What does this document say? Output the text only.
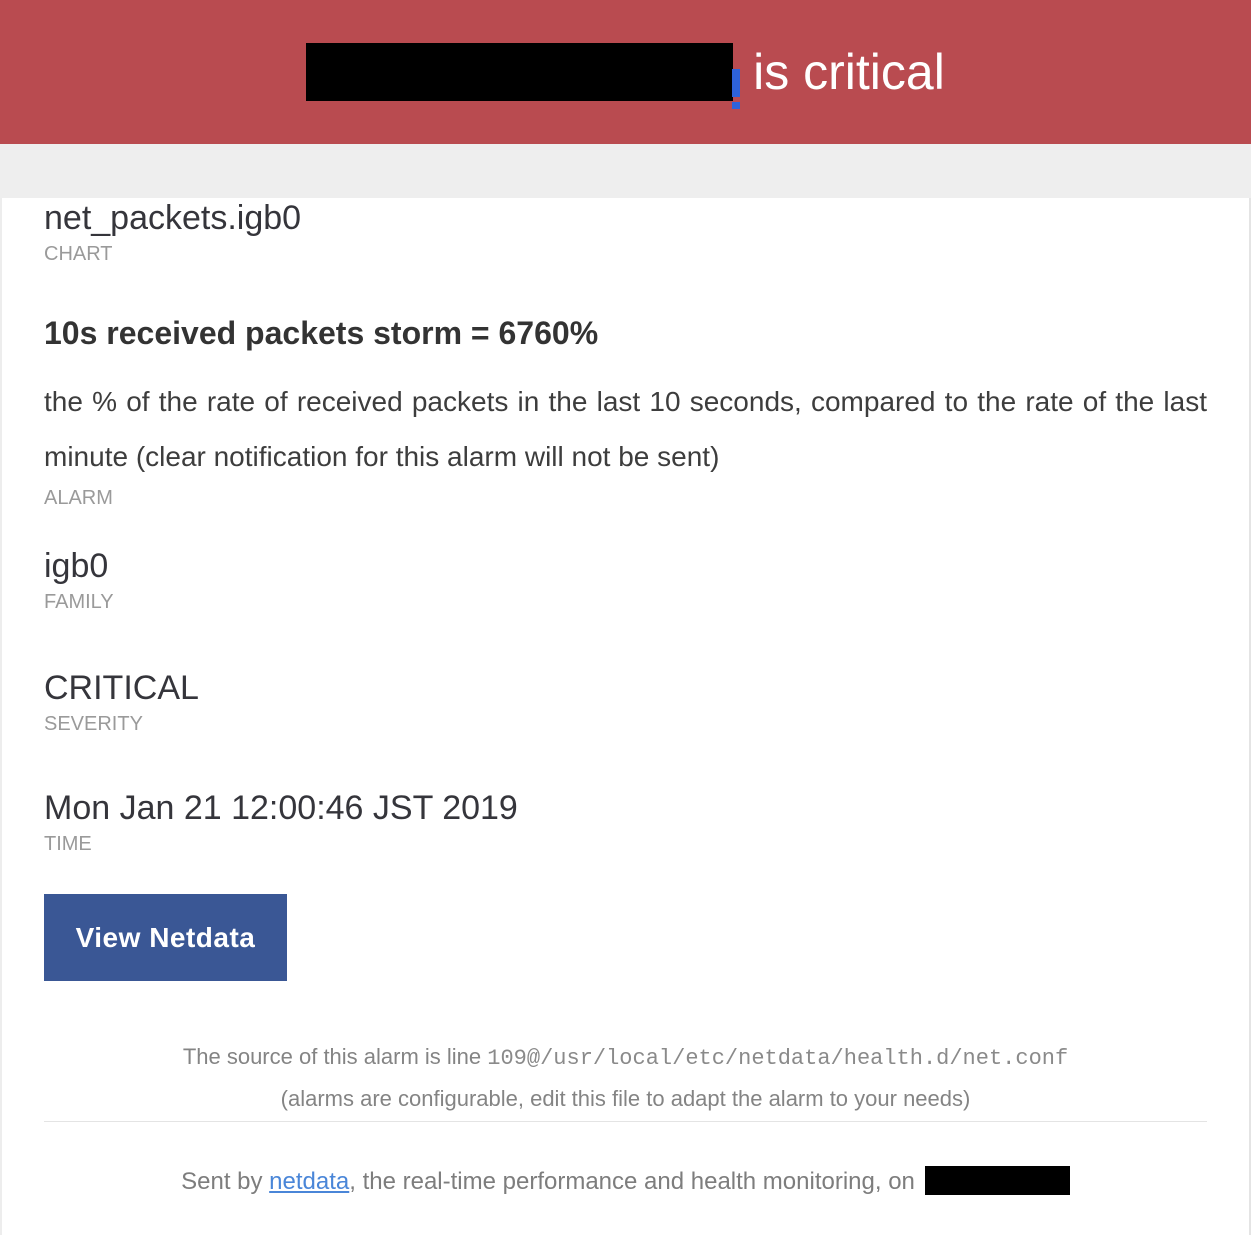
is critical
net_packets.igb0
CHART
10s received packets storm = 6760%
the % of the rate of received packets in the last 10 seconds, compared to the rate of the last minute (clear notification for this alarm will not be sent)
ALARM
igb0
FAMILY
CRITICAL
SEVERITY
Mon Jan 21 12:00:46 JST 2019
TIME
View Netdata
The source of this alarm is line 109@/usr/local/etc/netdata/health.d/net.conf
(alarms are configurable, edit this file to adapt the alarm to your needs)
Sent by netdata, the real-time performance and health monitoring, on
